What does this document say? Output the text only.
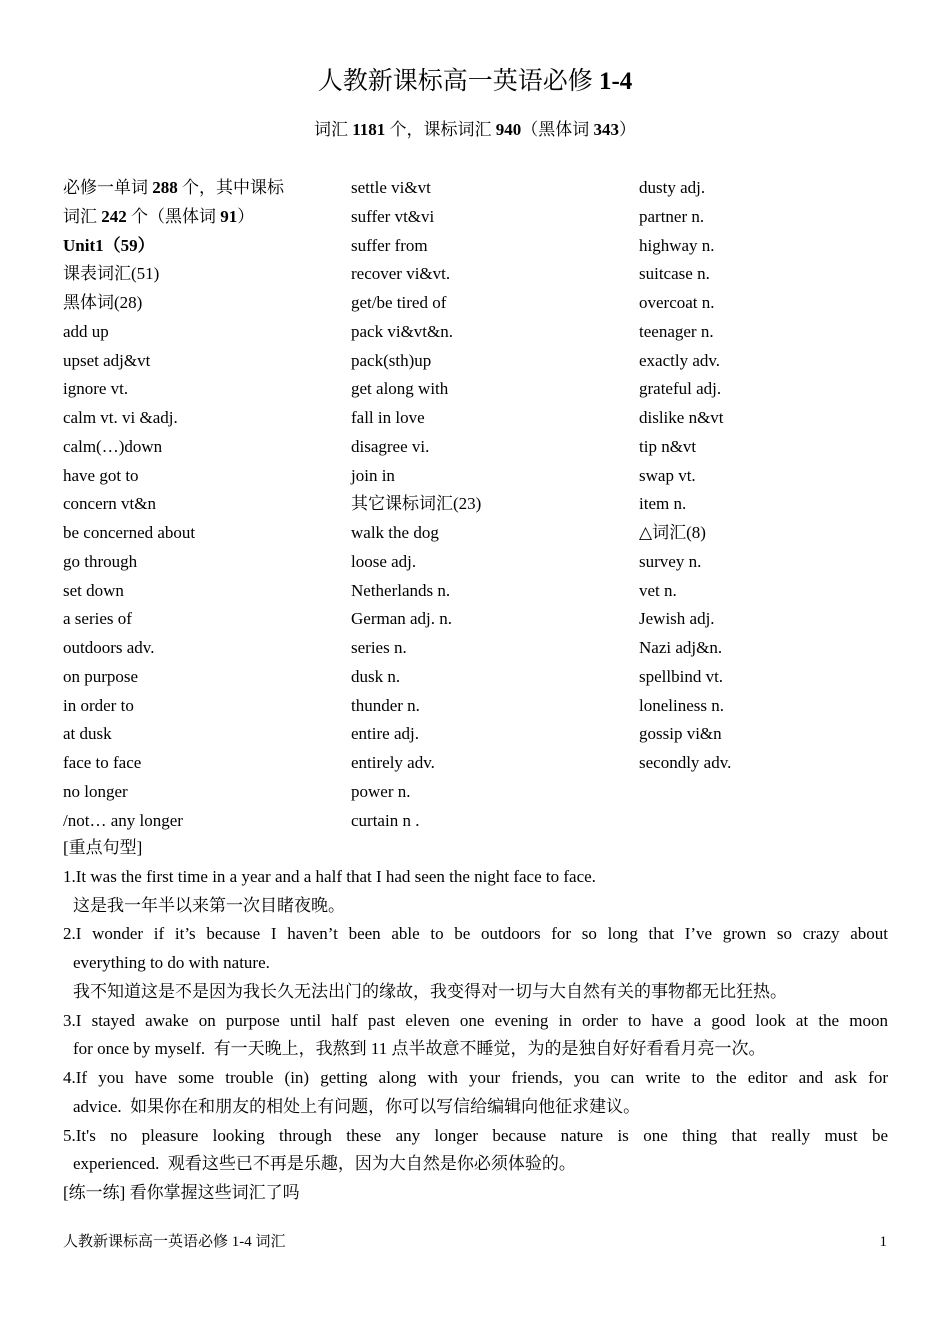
人教新课标高一英语必修 1-4
词汇 1181 个，课标词汇 940（黑体词 343）
必修一单词 288 个，其中课标
词汇 242 个（黑体词 91）
Unit1（59）
课表词汇(51)
黑体词(28)
add up
upset adj&vt
ignore vt.
calm vt. vi &adj.
calm(…)down
have got to
concern vt&n
be concerned about
go through
set down
a series of
outdoors adv.
on purpose
in order to
at dusk
face to face
no longer
/not… any longer
settle vi&vt
suffer vt&vi
suffer from
recover vi&vt.
get/be tired of
pack vi&vt&n.
pack(sth)up
get along with
fall in love
disagree vi.
join in
其它课标词汇(23)
walk the dog
loose adj.
Netherlands n.
German adj. n.
series n.
dusk n.
thunder n.
entire adj.
entirely adv.
power n.
curtain n .
dusty adj.
partner n.
highway n.
suitcase n.
overcoat n.
teenager n.
exactly adv.
grateful adj.
dislike n&vt
tip n&vt
swap vt.
item n.
△词汇(8)
survey n.
vet n.
Jewish adj.
Nazi adj&n.
spellbind vt.
loneliness n.
gossip vi&n
secondly adv.
[重点句型]
1.It was the first time in a year and a half that I had seen the night face to face.
这是我一年半以来第一次目睹夜晚。
2.I wonder if it’s because I haven’t been able to be outdoors for so long that I’ve grown so crazy about
everything to do with nature.
我不知道这是不是因为我长久无法出门的缘故，我变得对一切与大自然有关的事物都无比狂热。
3.I stayed awake on purpose until half past eleven one evening in order to have a good look at the moon
for once by myself. 有一天晚上，我熬到 11 点半故意不睡觉，为的是独自好好看看月亮一次。
4.If you have some trouble (in) getting along with your friends, you can write to the editor and ask for
advice. 如果你在和朋友的相处上有问题，你可以写信给编辑向他征求建议。
5.It's no pleasure looking through these any longer because nature is one thing that really must be
experienced. 观看这些已不再是乐趣，因为大自然是你必须体验的。
[练一练] 看你掌握这些词汇了吗
人教新课标高一英语必修 1-4 词汇	1
